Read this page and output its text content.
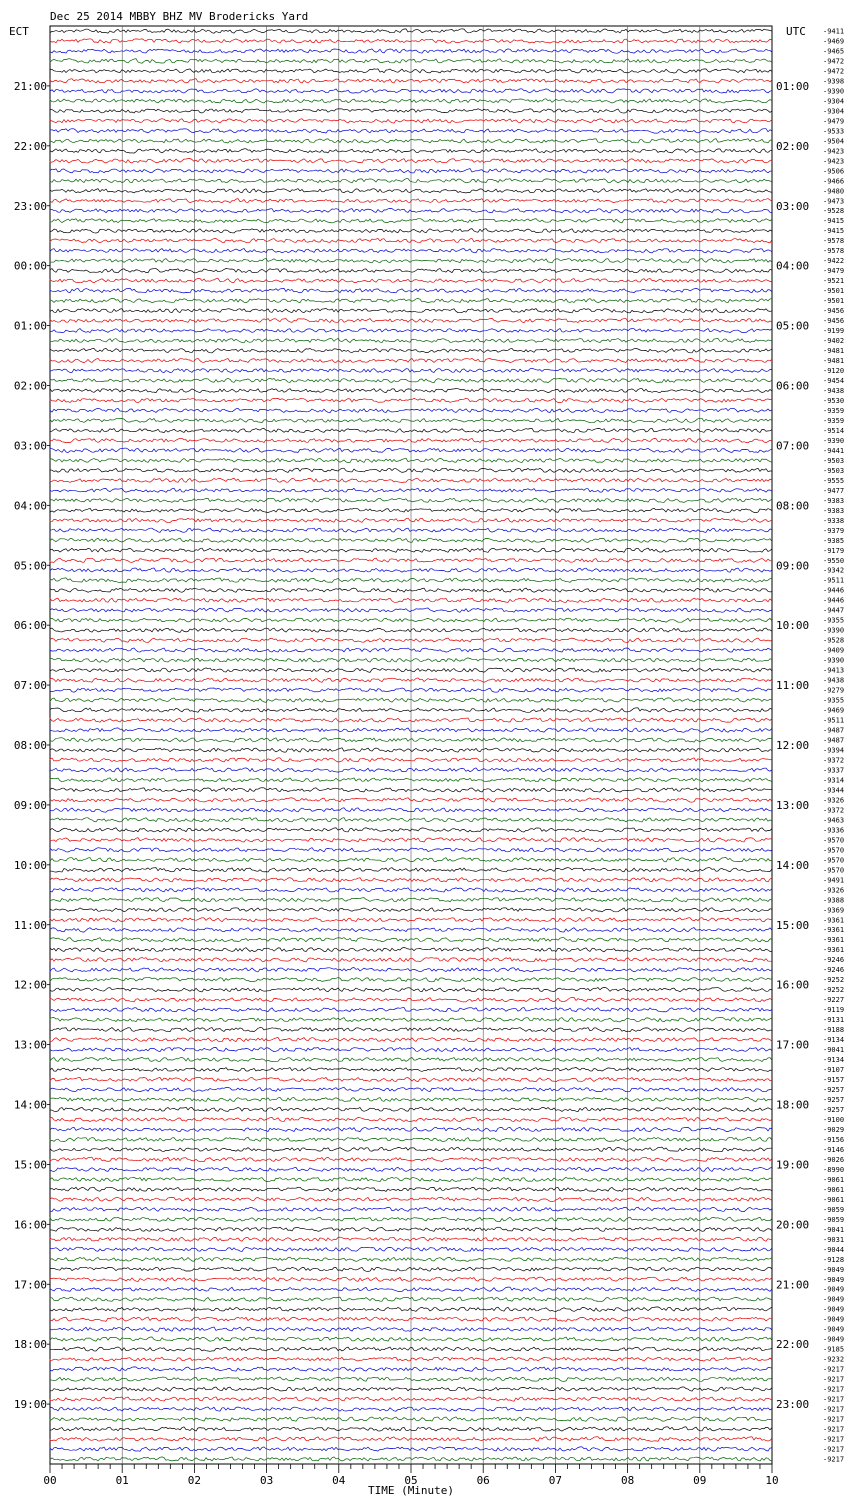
Dec 25 2014 MBBY BHZ MV Brodericks Yard
ECT	UTC
21:00
22:00
23:00
00:00
01:00
02:00
03:00
04:00
05:00
06:00
07:00
08:00
09:00
10:00
11:00
12:00
13:00
14:00
15:00
16:00
17:00
18:00
19:00
01:00
02:00
03:00
04:00
05:00
06:00
07:00
08:00
09:00
10:00
11:00
12:00
13:00
14:00
15:00
16:00
17:00
18:00
19:00
20:00
21:00
22:00
23:00
-9411
-9469
-9465
-9472
-9472
-9398
-9390
-9304
-9304
-9479
-9533
-9504
-9423
-9423
-9506
-9466
-9480
-9473
-9528
-9415
-9415
-9578
-9578
-9422
-9479
-9521
-9501
-9501
-9456
-9456
-9199
-9402
-9481
-9481
-9120
-9454
-9438
-9530
-9359
-9359
-9514
-9390
-9441
-9503
-9503
-9555
-9477
-9383
-9383
-9338
-9379
-9385
-9179
-9550
-9342
-9511
-9446
-9446
-9447
-9355
-9390
-9528
-9409
-9390
-9413
-9438
-9279
-9355
-9469
-9511
-9487
-9487
-9394
-9372
-9337
-9314
-9344
-9326
-9372
-9463
-9336
-9570
-9570
-9570
-9570
-9491
-9326
-9388
-9369
-9361
-9361
-9361
-9361
-9246
-9246
-9252
-9252
-9227
-9119
-9131
-9188
-9134
-9041
-9134
-9107
-9157
-9257
-9257
-9257
-9100
-9029
-9156
-9146
-9026
-8990
-9061
-9061
-9061
-9059
-9059
-9041
-9031
-9044
-9128
-9049
-9049
-9049
-9049
-9049
-9049
-9049
-9049
-9185
-9232
-9217
-9217
-9217
-9217
-9217
-9217
-9217
-9217
-9217
-9217
00	01	02	03	04	05	06	07	08	09	10
TIME (Minute)
